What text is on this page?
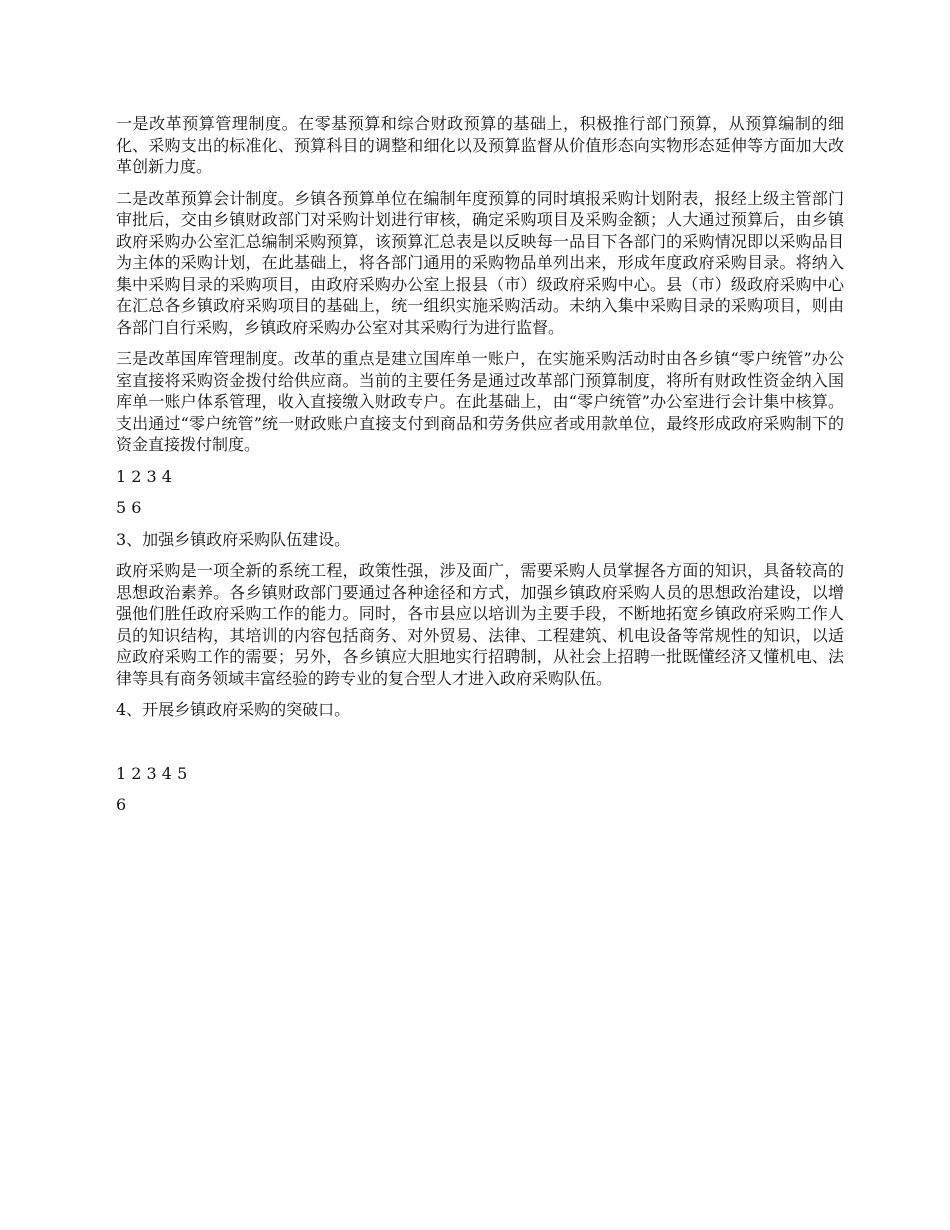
一是改革预算管理制度。在零基预算和综合财政预算的基础上，积极推行部门预算，从预算编制的细化、采购支出的标准化、预算科目的调整和细化以及预算监督从价值形态向实物形态延伸等方面加大改革创新力度。

二是改革预算会计制度。乡镇各预算单位在编制年度预算的同时填报采购计划附表，报经上级主管部门审批后，交由乡镇财政部门对采购计划进行审核，确定采购项目及采购金额；人大通过预算后，由乡镇政府采购办公室汇总编制采购预算，该预算汇总表是以反映每一品目下各部门的采购情况即以采购品目为主体的采购计划，在此基础上，将各部门通用的采购物品单列出来，形成年度政府采购目录。将纳入集中采购目录的采购项目，由政府采购办公室上报县（市）级政府采购中心。县（市）级政府采购中心在汇总各乡镇政府采购项目的基础上，统一组织实施采购活动。未纳入集中采购目录的采购项目，则由各部门自行采购，乡镇政府采购办公室对其采购行为进行监督。

三是改革国库管理制度。改革的重点是建立国库单一账户，在实施采购活动时由各乡镇“零户统管”办公室直接将采购资金拨付给供应商。当前的主要任务是通过改革部门预算制度，将所有财政性资金纳入国库单一账户体系管理，收入直接缴入财政专户。在此基础上，由“零户统管”办公室进行会计集中核算。支出通过“零户统管”统一财政账户直接支付到商品和劳务供应者或用款单位，最终形成政府采购制下的资金直接拨付制度。

1 2 3 4

5 6

3、加强乡镇政府采购队伍建设。

政府采购是一项全新的系统工程，政策性强，涉及面广，需要采购人员掌握各方面的知识，具备较高的思想政治素养。各乡镇财政部门要通过各种途径和方式，加强乡镇政府采购人员的思想政治建设，以增强他们胜任政府采购工作的能力。同时，各市县应以培训为主要手段，不断地拓宽乡镇政府采购工作人员的知识结构，其培训的内容包括商务、对外贸易、法律、工程建筑、机电设备等常规性的知识，以适应政府采购工作的需要；另外，各乡镇应大胆地实行招聘制，从社会上招聘一批既懂经济又懂机电、法律等具有商务领域丰富经验的跨专业的复合型人才进入政府采购队伍。

4、开展乡镇政府采购的突破口。

1 2 3 4 5

6
